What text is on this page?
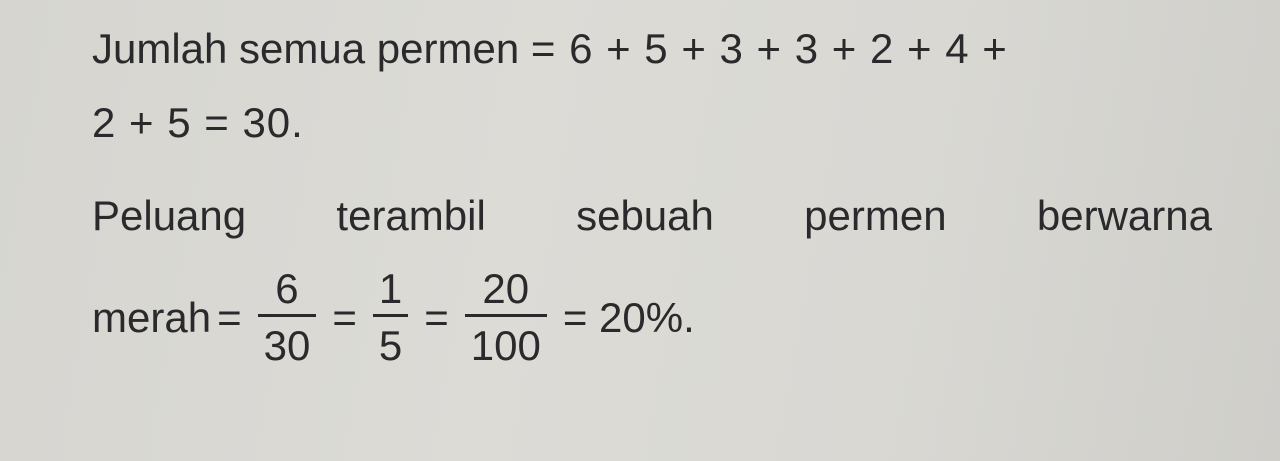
Jumlah semua permen = 6 + 5 + 3 + 3 + 2 + 4 +
2 + 5 = 30.
Peluang terambil sebuah permen berwarna
merah = $\frac{6}{30} = \frac{1}{5} = \frac{20}{100} = 20\%$.
